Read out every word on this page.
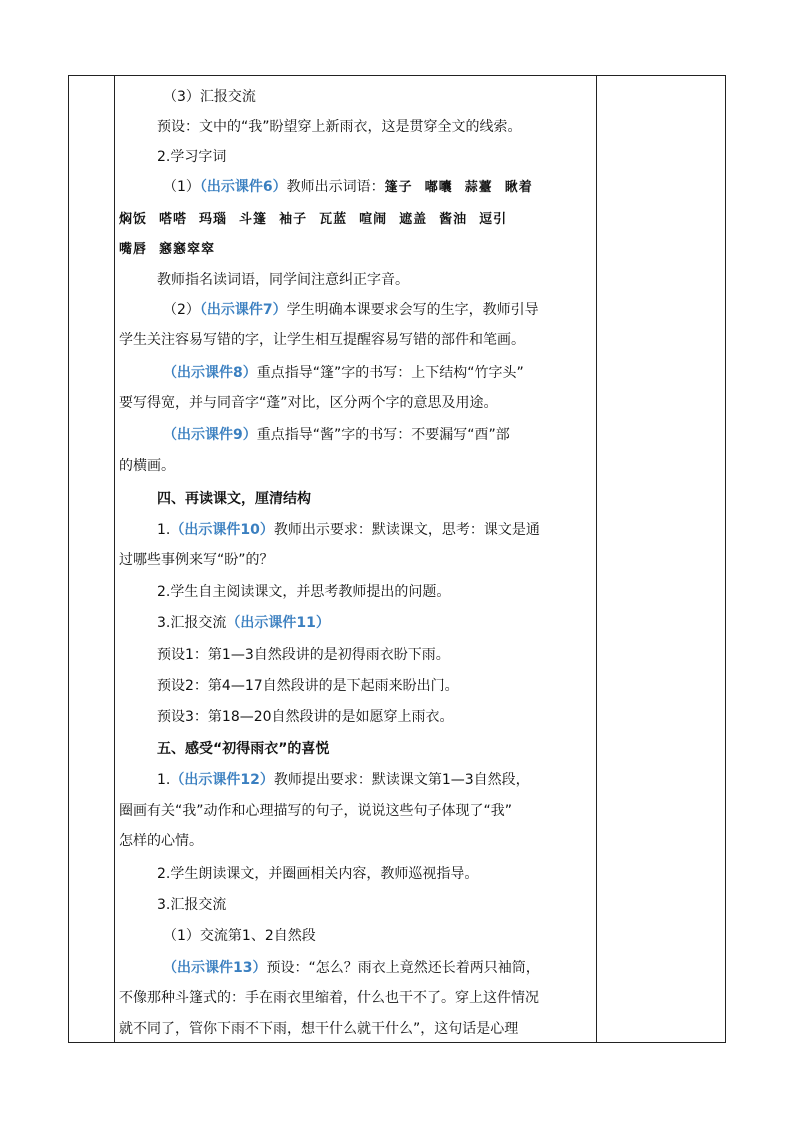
（3）汇报交流
预设：文中的“我”盼望穿上新雨衣，这是贯穿全文的线索。
2.学习字词
（1）（出示课件6）教师出示词语：篷子 嘟囔 蒜薹 瞅着
焖饭 嗒嗒 玛瑙 斗篷 袖子 瓦蓝 喧闹 遮盖 酱油 逗引
嘴唇 窸窸窣窣
教师指名读词语，同学间注意纠正字音。
（2）（出示课件7）学生明确本课要求会写的生字，教师引导
学生关注容易写错的字，让学生相互提醒容易写错的部件和笔画。
（出示课件8）重点指导“篷”字的书写：上下结构“竹字头”
要写得宽，并与同音字“蓬”对比，区分两个字的意思及用途。
（出示课件9）重点指导“酱”字的书写：不要漏写“酉”部
的横画。
四、再读课文，厘清结构
1.（出示课件10）教师出示要求：默读课文，思考：课文是通
过哪些事例来写“盼”的？
2.学生自主阅读课文，并思考教师提出的问题。
3.汇报交流（出示课件11）
预设1：第1—3自然段讲的是初得雨衣盼下雨。
预设2：第4—17自然段讲的是下起雨来盼出门。
预设3：第18—20自然段讲的是如愿穿上雨衣。
五、感受“初得雨衣”的喜悦
1.（出示课件12）教师提出要求：默读课文第1—3自然段，
圈画有关“我”动作和心理描写的句子，说说这些句子体现了“我”
怎样的心情。
2.学生朗读课文，并圈画相关内容，教师巡视指导。
3.汇报交流
（1）交流第1、2自然段
（出示课件13）预设：“怎么？雨衣上竟然还长着两只袖筒，
不像那种斗篷式的：手在雨衣里缩着，什么也干不了。穿上这件情况
就不同了，管你下雨不下雨，想干什么就干什么”，这句话是心理
